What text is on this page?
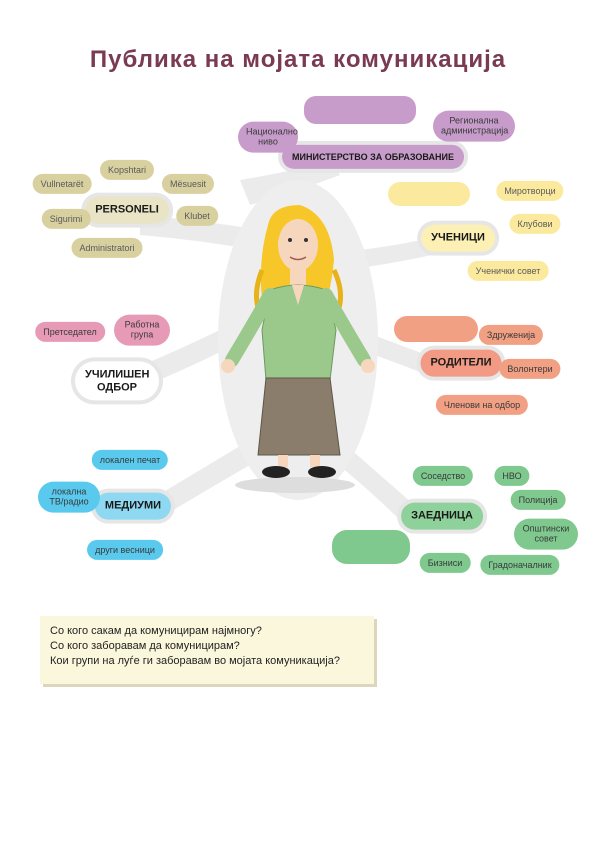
Публика на мојата комуникација
МИНИСТЕРСТВО ЗА ОБРАЗОВАНИЕ
Национално ниво
Регионална администрација
PERSONELI
Kopshtari
Vullnetarët	Mësuesit
Klubet
Sigurimi
Administratori
УЧЕНИЦИ
Миротворци
Клубови
Ученички совет
УЧИЛИШЕН ОДБОР
Претседател
Работна група
РОДИТЕЛИ
Здружениja
Волонтери
Членови на одбор
МЕДИУМИ
локален печат
локална ТВ/радио
други весници
ЗАЕДНИЦА
Соседство	НВО
Полиција
Општински совет
Бизниси	Градоначалник
Со кого сакам да комуницирам најмногу?
Со кого заборавам да комуницирам?
Кои групи на луѓе ги заборавам во мојата комуникација?
